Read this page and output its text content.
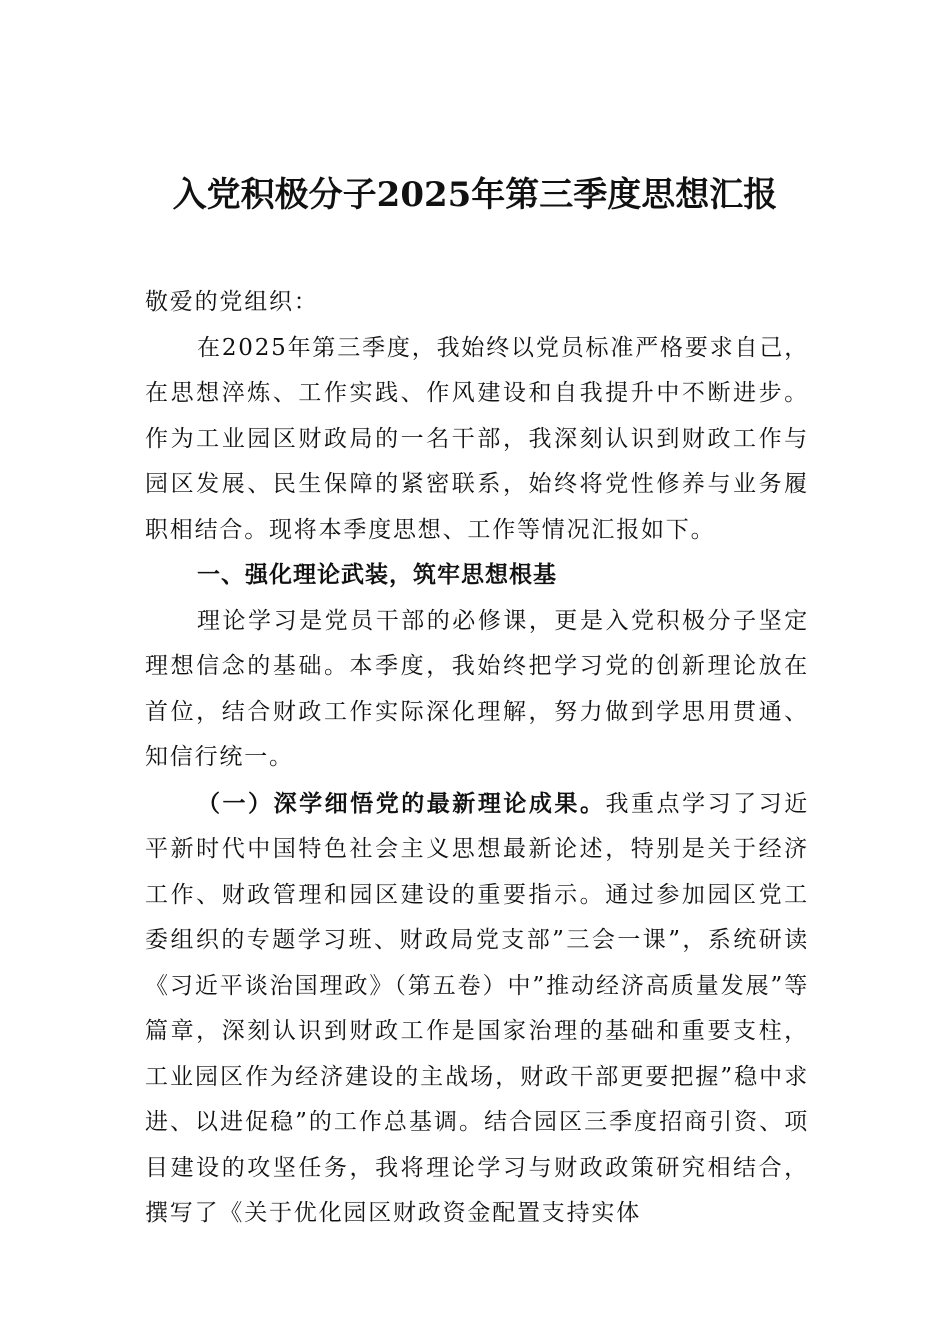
入党积极分子2025年第三季度思想汇报

敬爱的党组织：

在2025年第三季度，我始终以党员标准严格要求自己，在思想淬炼、工作实践、作风建设和自我提升中不断进步。作为工业园区财政局的一名干部，我深刻认识到财政工作与园区发展、民生保障的紧密联系，始终将党性修养与业务履职相结合。现将本季度思想、工作等情况汇报如下。

一、强化理论武装，筑牢思想根基

理论学习是党员干部的必修课，更是入党积极分子坚定理想信念的基础。本季度，我始终把学习党的创新理论放在首位，结合财政工作实际深化理解，努力做到学思用贯通、知信行统一。

（一）深学细悟党的最新理论成果。我重点学习了习近平新时代中国特色社会主义思想最新论述，特别是关于经济工作、财政管理和园区建设的重要指示。通过参加园区党工委组织的专题学习班、财政局党支部”三会一课”，系统研读《习近平谈治国理政》（第五卷）中”推动经济高质量发展”等篇章，深刻认识到财政工作是国家治理的基础和重要支柱，工业园区作为经济建设的主战场，财政干部更要把握”稳中求进、以进促稳”的工作总基调。结合园区三季度招商引资、项目建设的攻坚任务，我将理论学习与财政政策研究相结合，撰写了《关于优化园区财政资金配置支持实体
